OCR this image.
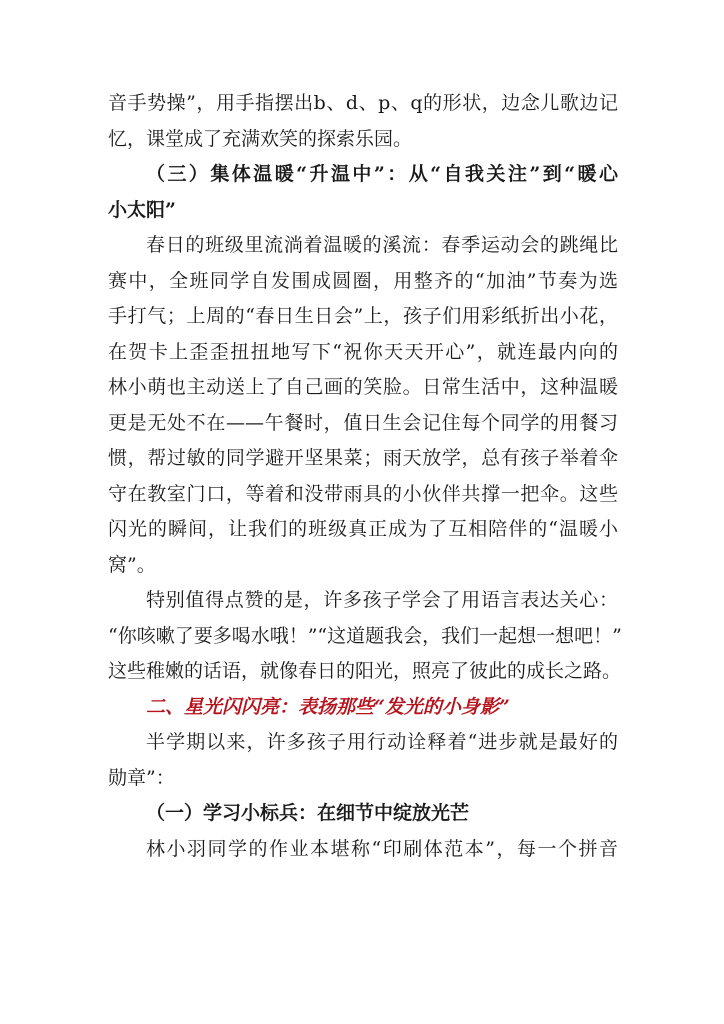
音手势操”，用手指摆出b、d、p、q的形状，边念儿歌边记
忆，课堂成了充满欢笑的探索乐园。
（三）集体温暖“升温中”：从“自我关注”到“暖心
小太阳”
春日的班级里流淌着温暖的溪流：春季运动会的跳绳比
赛中，全班同学自发围成圆圈，用整齐的“加油”节奏为选
手打气；上周的“春日生日会”上，孩子们用彩纸折出小花，
在贺卡上歪歪扭扭地写下“祝你天天开心”，就连最内向的
林小萌也主动送上了自己画的笑脸。日常生活中，这种温暖
更是无处不在——午餐时，值日生会记住每个同学的用餐习
惯，帮过敏的同学避开坚果菜；雨天放学，总有孩子举着伞
守在教室门口，等着和没带雨具的小伙伴共撑一把伞。这些
闪光的瞬间，让我们的班级真正成为了互相陪伴的“温暖小
窝”。
特别值得点赞的是，许多孩子学会了用语言表达关心：
“你咳嗽了要多喝水哦！”“这道题我会，我们一起想一想吧！”
这些稚嫩的话语，就像春日的阳光，照亮了彼此的成长之路。
二、星光闪闪亮：表扬那些“发光的小身影”
半学期以来，许多孩子用行动诠释着“进步就是最好的
勋章”：
（一）学习小标兵：在细节中绽放光芒
林小羽同学的作业本堪称“印刷体范本”，每一个拼音
